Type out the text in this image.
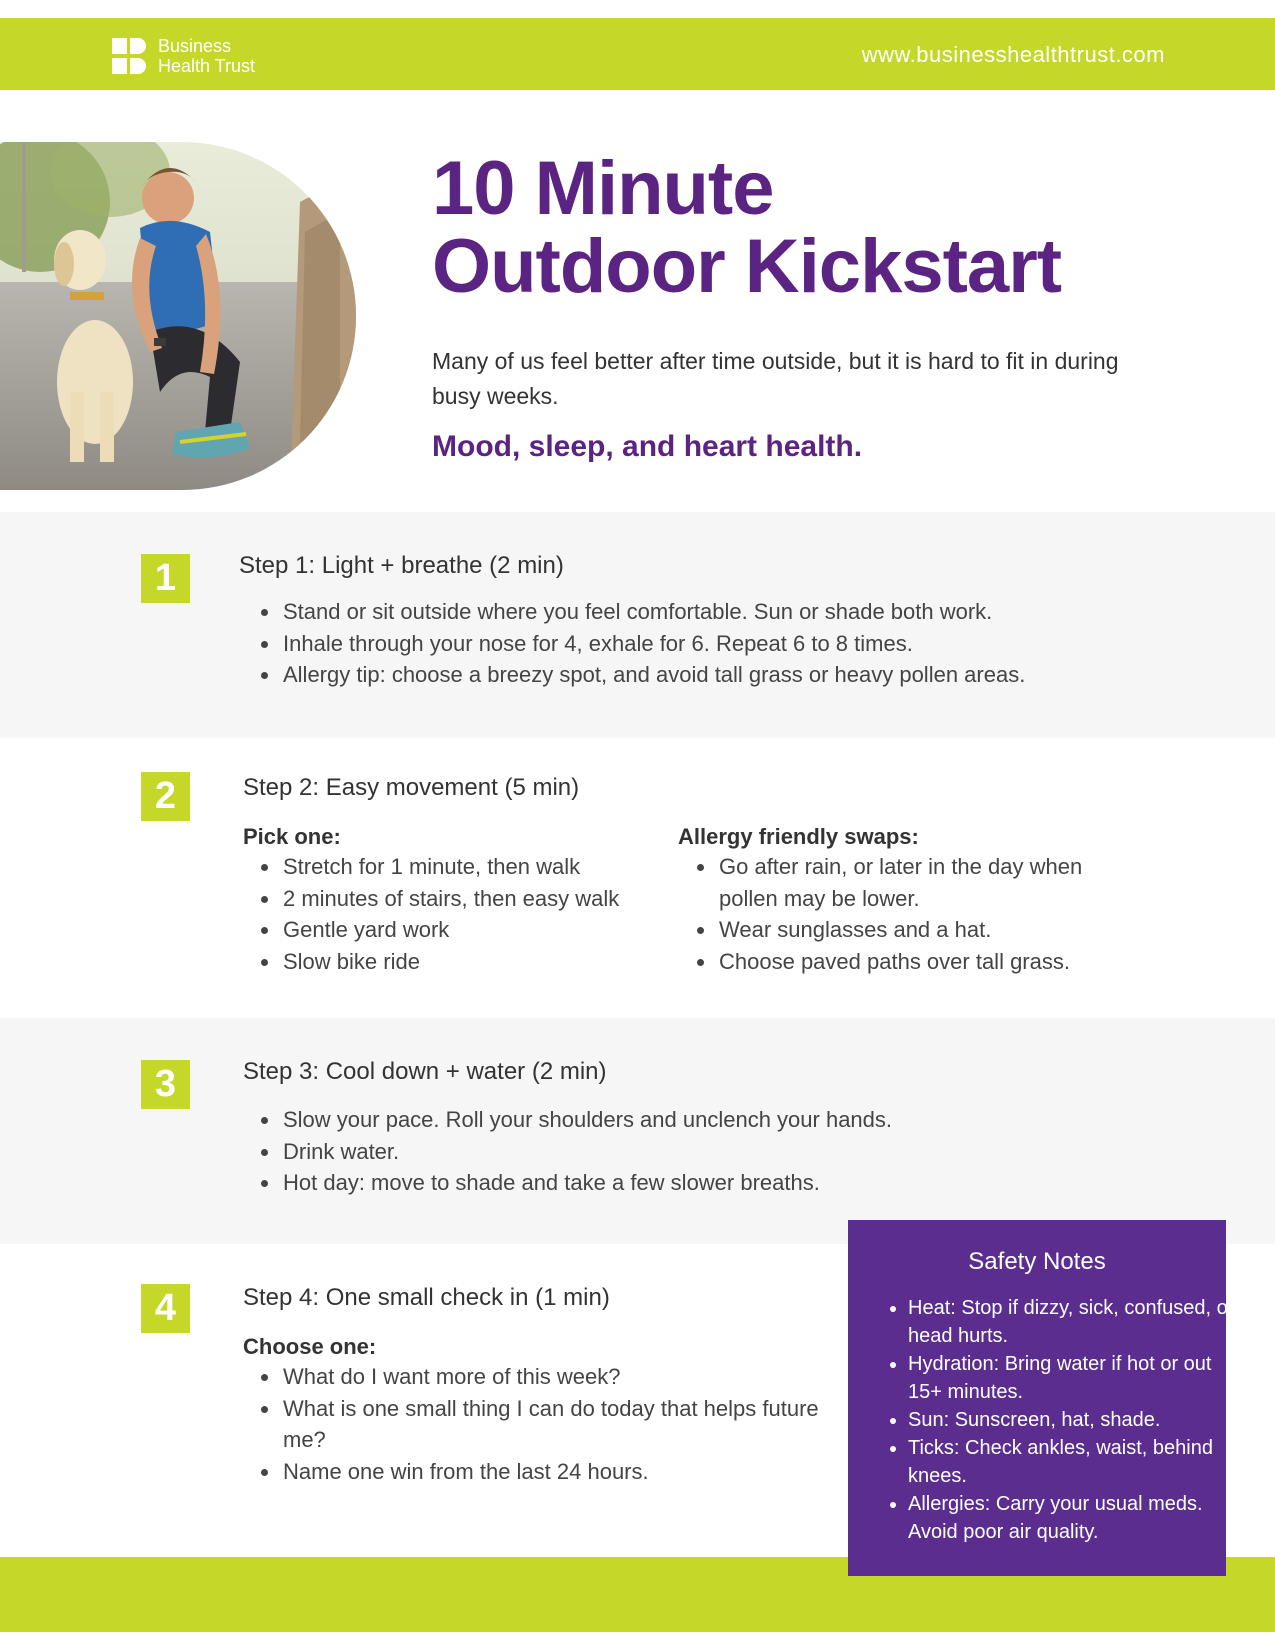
Business
Health Trust	www.businesshealthtrust.com
10 Minute
Outdoor Kickstart

Many of us feel better after time outside, but it is hard to fit in during busy weeks.

Mood, sleep, and heart health.

1	Step 1: Light + breathe (2 min)
• Stand or sit outside where you feel comfortable. Sun or shade both work.
• Inhale through your nose for 4, exhale for 6. Repeat 6 to 8 times.
• Allergy tip: choose a breezy spot, and avoid tall grass or heavy pollen areas.
2	Step 2: Easy movement (5 min)
Pick one:
• Stretch for 1 minute, then walk
• 2 minutes of stairs, then easy walk
• Gentle yard work
• Slow bike ride
Allergy friendly swaps:
• Go after rain, or later in the day when pollen may be lower.
• Wear sunglasses and a hat.
• Choose paved paths over tall grass.
3	Step 3: Cool down + water (2 min)
• Slow your pace. Roll your shoulders and unclench your hands.
• Drink water.
• Hot day: move to shade and take a few slower breaths.
4	Step 4: One small check in (1 min)
Choose one:
• What do I want more of this week?
• What is one small thing I can do today that helps future me?
• Name one win from the last 24 hours.
Safety Notes
• Heat: Stop if dizzy, sick, confused, or head hurts.
• Hydration: Bring water if hot or out 15+ minutes.
• Sun: Sunscreen, hat, shade.
• Ticks: Check ankles, waist, behind knees.
• Allergies: Carry your usual meds. Avoid poor air quality.
